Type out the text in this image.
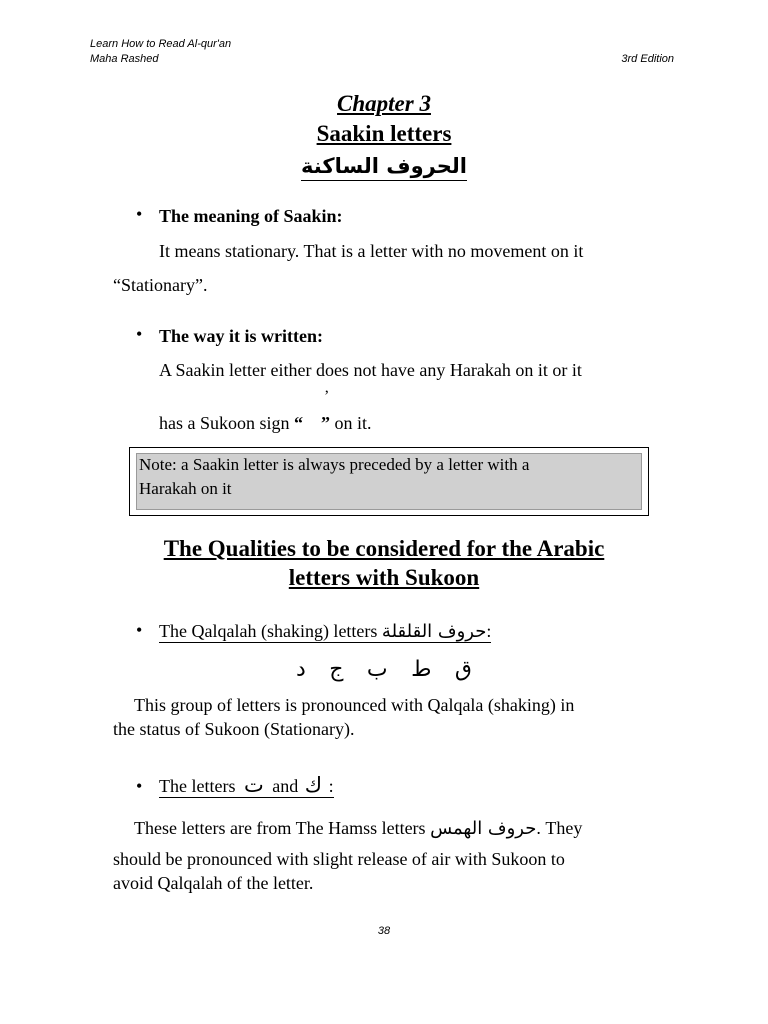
Learn How to Read Al-qur'an
Maha Rashed	3rd Edition
Chapter 3
Saakin letters
الحروف الساكنة
• The meaning of Saakin:
It means stationary. That is a letter with no movement on it
“Stationary”.
• The way it is written:
A Saakin letter either does not have any Harakah on it or it
’
has a Sukoon sign “ ” on it.
Note: a Saakin letter is always preceded by a letter with a
Harakah on it
The Qualities to be considered for the Arabic
letters with Sukoon
• The Qalqalah (shaking) letters حروف القلقلة:
ق
ط
ب
ج
د
This group of letters is pronounced with Qalqala (shaking) in
the status of Sukoon (Stationary).
• The letters ت and ك :
These letters are from The Hamss letters حروف الهمس. They
should be pronounced with slight release of air with Sukoon to
avoid Qalqalah of the letter.
38
